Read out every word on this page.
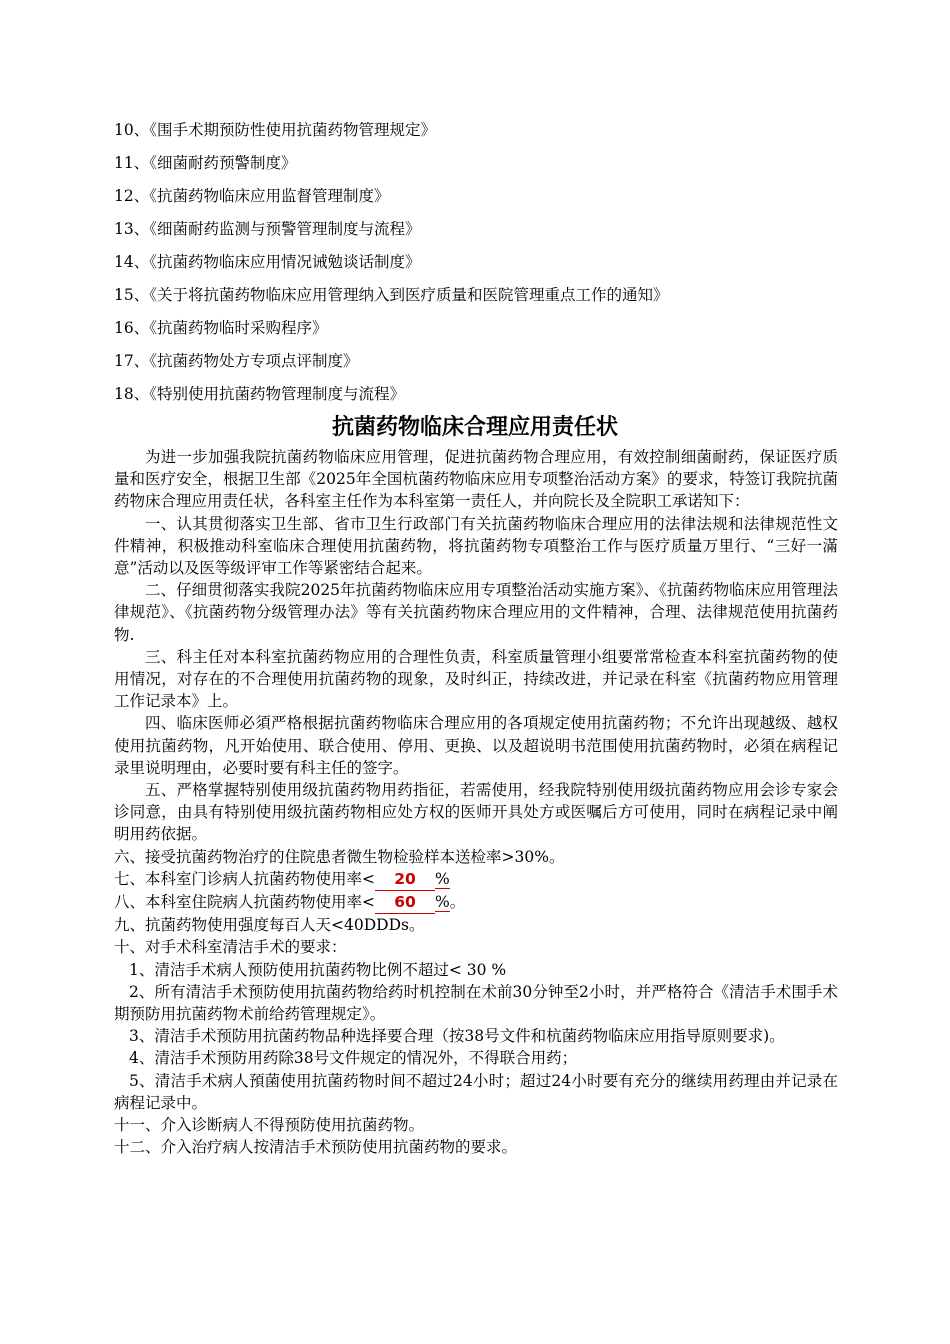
10、《围手术期预防性使用抗菌药物管理规定》
11、《细菌耐药预警制度》
12、《抗菌药物临床应用监督管理制度》
13、《细菌耐药监测与预警管理制度与流程》
14、《抗菌药物临床应用情况诫勉谈话制度》
15、《关于将抗菌药物临床应用管理纳入到医疗质量和医院管理重点工作的通知》
16、《抗菌药物临时采购程序》
17、《抗菌药物处方专项点评制度》
18、《特别使用抗菌药物管理制度与流程》
抗菌药物临床合理应用责任状

为进一步加强我院抗菌药物临床应用管理，促进抗菌药物合理应用，有效控制细菌耐药，保证医疗质量和医疗安全，根据卫生部《2025年全国杭菌药物临床应用专项整治活动方案》的要求，特签订我院抗菌药物床合理应用责任状，各科室主任作为本科室第一责任人，并向院长及全院职工承诺知下：

一、认其贯彻落实卫生部、省市卫生行政部门有关抗菌药物临床合理应用的法律法规和法律规范性文件精神，积极推动科室临床合理使用抗菌药物，将抗菌药物专項整治工作与医疗质量万里行、“三好一滿意”活动以及医等级评审工作等紧密结合起来。

二、仔细贯彻落实我院2025年抗菌药物临床应用专項整治活动实施方案》、《抗菌药物临床应用管理法律规范》、《抗菌药物分级管理办法》等有关抗菌药物床合理应用的文件精神，合理、法律规范使用抗菌药物.

三、科主任对本科室抗菌药物应用的合理性负责，科室质量管理小组要常常检查本科室抗菌药物的使用情况，对存在的不合理使用抗菌药物的现象，及时纠正，持续改进，并记录在科室《抗菌药物应用管理工作记录本》上。

四、临床医师必須严格根据抗菌药物临床合理应用的各項规定使用抗菌药物；不允许出现越级、越权使用抗菌药物，凡开始使用、联合使用、停用、更换、以及超说明书范围使用抗菌药物时，必須在病程记录里说明理由，必要时要有科主任的签字。

五、严格掌握特别使用级抗菌药物用药指征，若需使用，经我院特别使用级抗菌药物应用会诊专家会诊同意，由具有特别使用级抗菌药物相应处方权的医师开具处方或医嘱后方可使用，同时在病程记录中阐明用药依据。

六、接受抗菌药物治疗的住院患者微生物检验样本送检率>30%。

七、本科室门诊病人抗菌药物使用率< 20 %

八、本科室住院病人抗菌药物使用率< 60 %。

九、抗菌药物使用强度每百人天<40DDDs。

十、对手术科室清洁手术的要求：

1、清洁手术病人预防使用抗菌药物比例不超过< 30 %

2、所有清洁手术预防使用抗菌药物给药时机控制在术前30分钟至2小时，并严格符合《清洁手术围手术期预防用抗菌药物术前给药管理规定》。

3、清洁手术预防用抗菌药物品种选择要合理（按38号文件和杭菌药物临床应用指导原则要求)。

4、清洁手术预防用药除38号文件规定的情况外，不得联合用药；

5、清洁手术病人預菌使用抗菌药物时间不超过24小时；超过24小时要有充分的继续用药理由并记录在病程记录中。

十一、介入诊断病人不得预防使用抗菌药物。

十二、介入治疗病人按清洁手术预防使用抗菌药物的要求。
